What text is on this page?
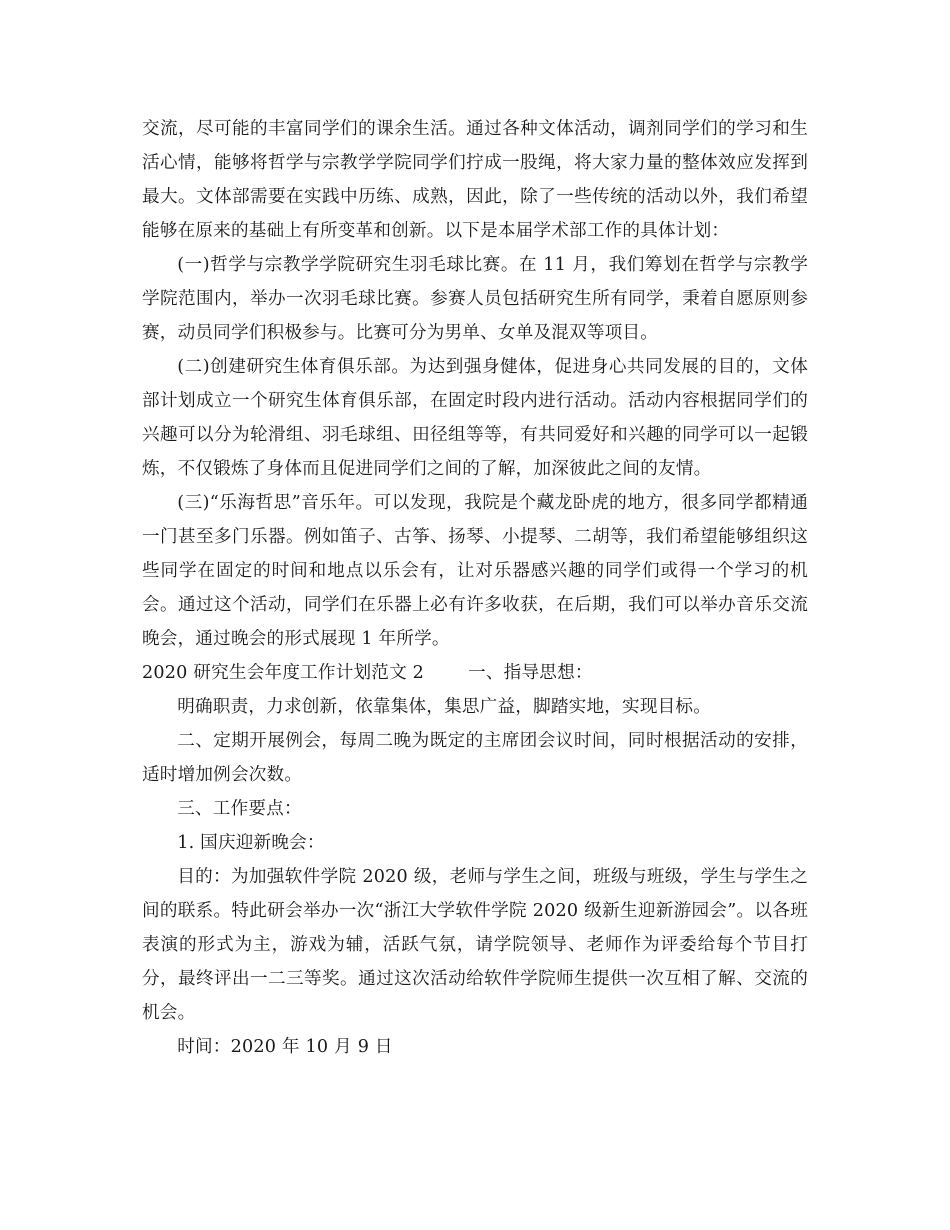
交流，尽可能的丰富同学们的课余生活。通过各种文体活动，调剂同学们的学习和生活心情，能够将哲学与宗教学学院同学们拧成一股绳，将大家力量的整体效应发挥到最大。文体部需要在实践中历练、成熟，因此，除了一些传统的活动以外，我们希望能够在原来的基础上有所变革和创新。以下是本届学术部工作的具体计划：

(一)哲学与宗教学学院研究生羽毛球比赛。在 11 月，我们筹划在哲学与宗教学学院范围内，举办一次羽毛球比赛。参赛人员包括研究生所有同学，秉着自愿原则参赛，动员同学们积极参与。比赛可分为男单、女单及混双等项目。

(二)创建研究生体育俱乐部。为达到强身健体，促进身心共同发展的目的，文体部计划成立一个研究生体育俱乐部，在固定时段内进行活动。活动内容根据同学们的兴趣可以分为轮滑组、羽毛球组、田径组等等，有共同爱好和兴趣的同学可以一起锻炼，不仅锻炼了身体而且促进同学们之间的了解，加深彼此之间的友情。

(三)“乐海哲思”音乐年。可以发现，我院是个藏龙卧虎的地方，很多同学都精通一门甚至多门乐器。例如笛子、古筝、扬琴、小提琴、二胡等，我们希望能够组织这些同学在固定的时间和地点以乐会有，让对乐器感兴趣的同学们或得一个学习的机会。通过这个活动，同学们在乐器上必有许多收获，在后期，我们可以举办音乐交流晚会，通过晚会的形式展现 1 年所学。

2020 研究生会年度工作计划范文 2	一、指导思想：

明确职责，力求创新，依靠集体，集思广益，脚踏实地，实现目标。

二、定期开展例会，每周二晚为既定的主席团会议时间，同时根据活动的安排，适时增加例会次数。

三、工作要点：

1. 国庆迎新晚会：

目的：为加强软件学院 2020 级，老师与学生之间，班级与班级，学生与学生之间的联系。特此研会举办一次“浙江大学软件学院 2020 级新生迎新游园会”。以各班表演的形式为主，游戏为辅，活跃气氛，请学院领导、老师作为评委给每个节目打分，最终评出一二三等奖。通过这次活动给软件学院师生提供一次互相了解、交流的机会。

时间：2020 年 10 月 9 日
